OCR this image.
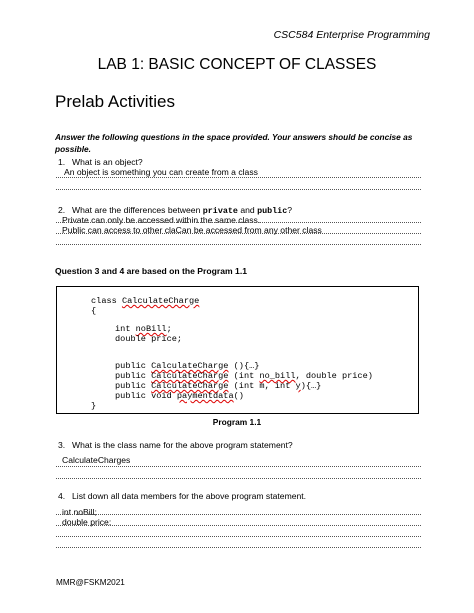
CSC584 Enterprise Programming
LAB 1: BASIC CONCEPT OF CLASSES
Prelab Activities
Answer the following questions in the space provided. Your answers should be concise as possible.
1. What is an object?
An object is something you can create from a class
2. What are the differences between private and public?
Private can only be accessed within the same class.
Public can access to other claCan be accessed from any other class
Question 3 and 4 are based on the Program 1.1
class CalculateCharge
{
int noBill;
double price;
public CalculateCharge (){…}
public CalculateCharge (int no_bill, double price)
public CalculateCharge (int m, int y){…}
public void paymentdata()
}
Program 1.1
3. What is the class name for the above program statement?
CalculateCharges
4. List down all data members for the above program statement.
int noBill;
double price;
MMR@FSKM2021
